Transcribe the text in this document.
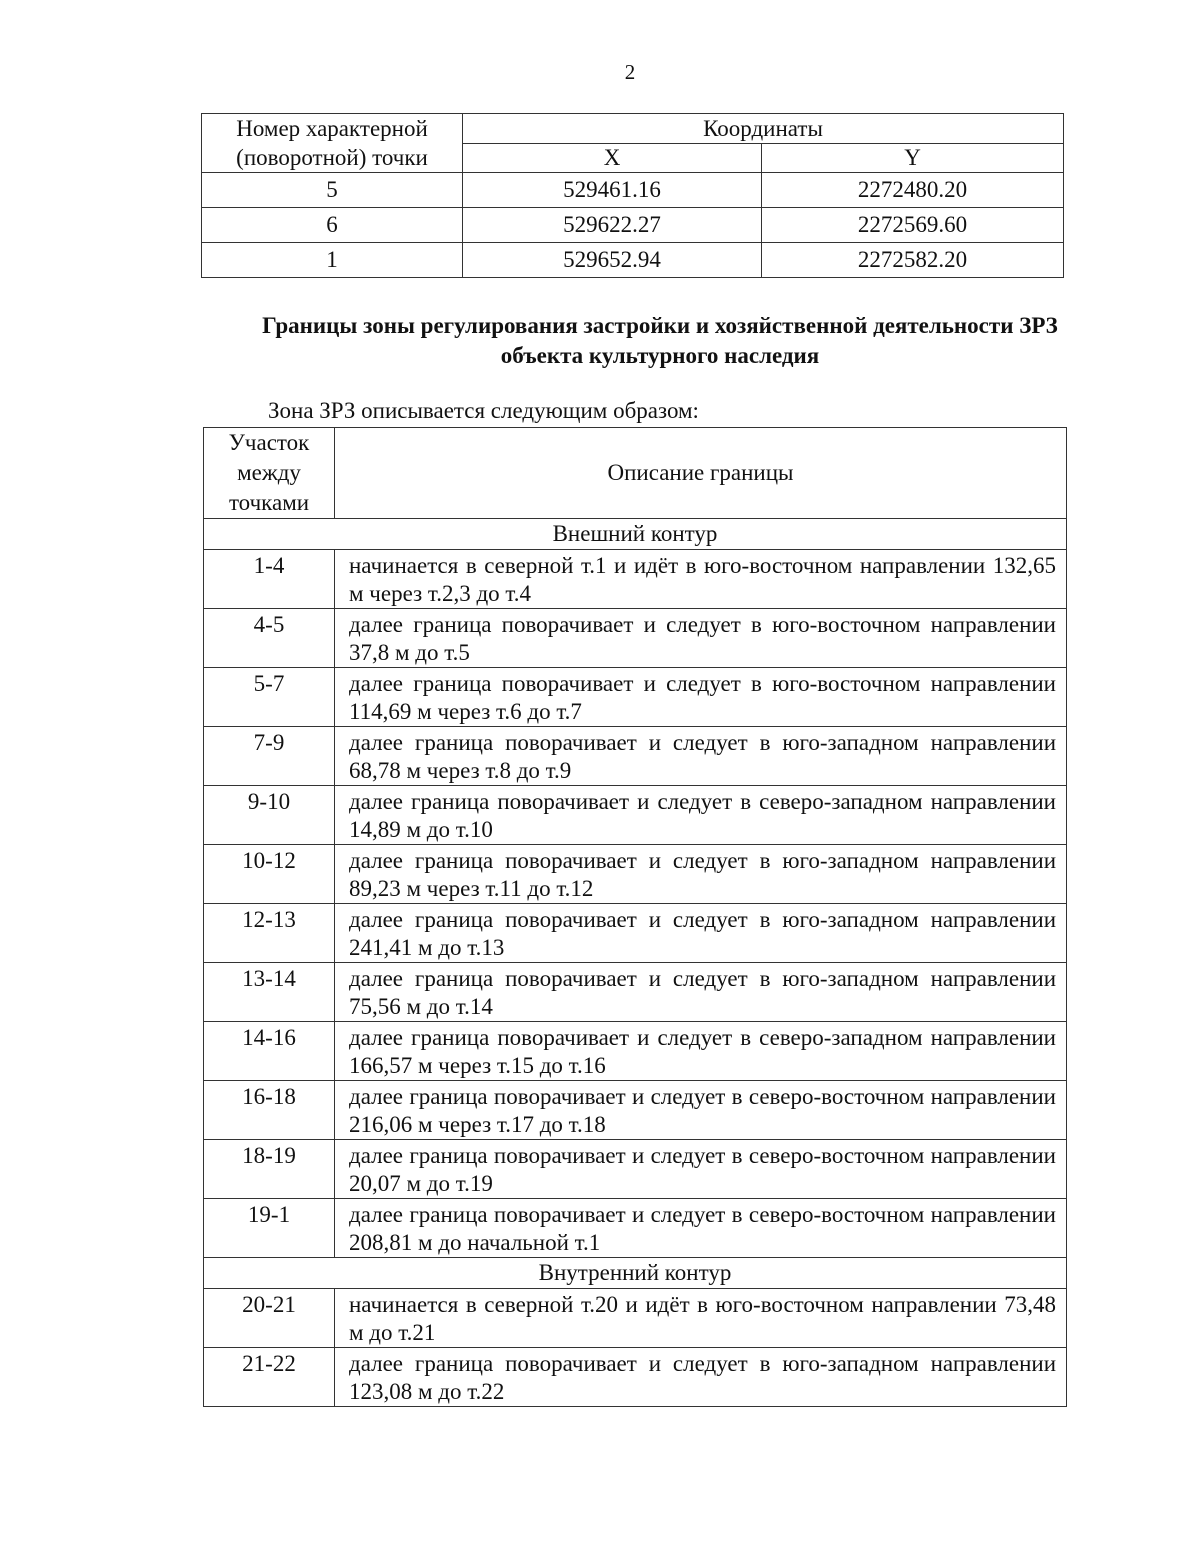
2
Номер характерной (поворотной) точки	Координаты	
	X	Y
5	529461.16	2272480.20
6	529622.27	2272569.60
1	529652.94	2272582.20
Границы зоны регулирования застройки и хозяйственной деятельности ЗРЗ объекта культурного наследия
Зона ЗРЗ описывается следующим образом:
Участок между точками	Описание границы
Внешний контур	
1-4	начинается в северной т.1 и идёт в юго-восточном направлении 132,65 м через т.2,3 до т.4
4-5	далее граница поворачивает и следует в юго-восточном направлении 37,8 м до т.5
5-7	далее граница поворачивает и следует в юго-восточном направлении 114,69 м через т.6 до т.7
7-9	далее граница поворачивает и следует в юго-западном направлении 68,78 м через т.8 до т.9
9-10	далее граница поворачивает и следует в северо-западном направлении 14,89 м до т.10
10-12	далее граница поворачивает и следует в юго-западном направлении 89,23 м через т.11 до т.12
12-13	далее граница поворачивает и следует в юго-западном направлении 241,41 м до т.13
13-14	далее граница поворачивает и следует в юго-западном направлении 75,56 м до т.14
14-16	далее граница поворачивает и следует в северо-западном направлении 166,57 м через т.15 до т.16
16-18	далее граница поворачивает и следует в северо-восточном направлении 216,06 м через т.17 до т.18
18-19	далее граница поворачивает и следует в северо-восточном направлении 20,07 м до т.19
19-1	далее граница поворачивает и следует в северо-восточном направлении 208,81 м до начальной т.1
Внутренний контур	
20-21	начинается в северной т.20 и идёт в юго-восточном направлении 73,48 м до т.21
21-22	далее граница поворачивает и следует в юго-западном направлении 123,08 м до т.22
